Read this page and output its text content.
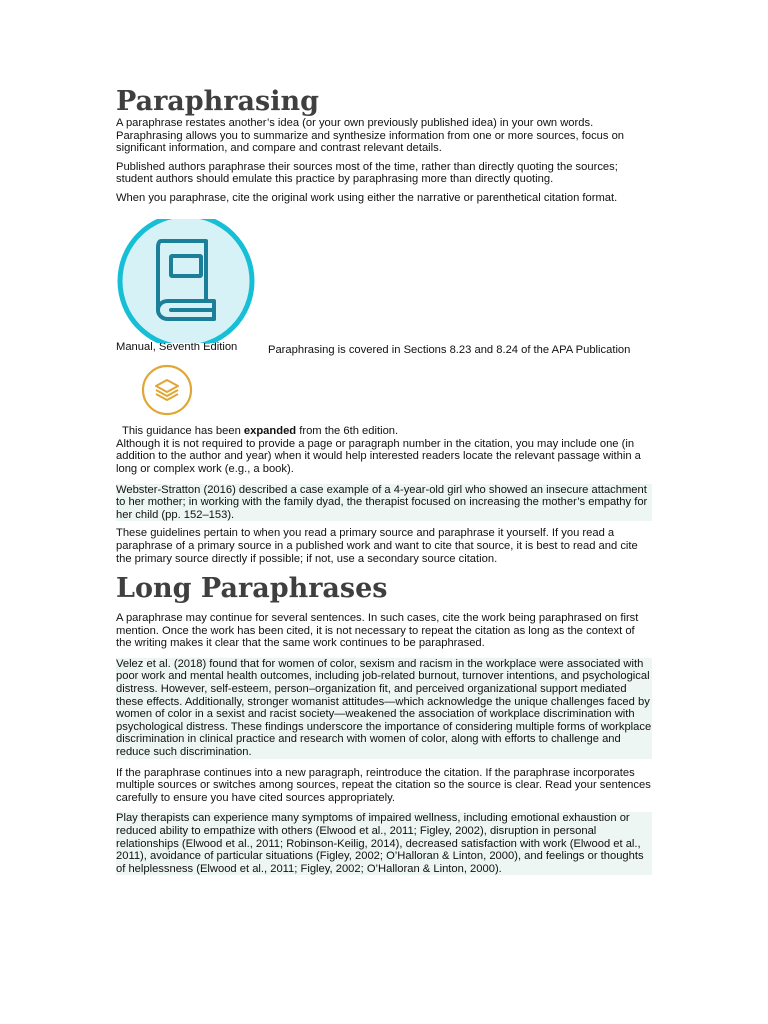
Paraphrasing

A paraphrase restates another’s idea (or your own previously published idea) in your own words. Paraphrasing allows you to summarize and synthesize information from one or more sources, focus on significant information, and compare and contrast relevant details.

Published authors paraphrase their sources most of the time, rather than directly quoting the sources; student authors should emulate this practice by paraphrasing more than directly quoting.

When you paraphrase, cite the original work using either the narrative or parenthetical citation format.

Paraphrasing is covered in Sections 8.23 and 8.24 of the APA Publication

Manual, Seventh Edition

This guidance has been expanded from the 6th edition.

Although it is not required to provide a page or paragraph number in the citation, you may include one (in addition to the author and year) when it would help interested readers locate the relevant passage within a long or complex work (e.g., a book).

Webster-Stratton (2016) described a case example of a 4-year-old girl who showed an insecure attachment to her mother; in working with the family dyad, the therapist focused on increasing the mother’s empathy for her child (pp. 152–153).

These guidelines pertain to when you read a primary source and paraphrase it yourself. If you read a paraphrase of a primary source in a published work and want to cite that source, it is best to read and cite the primary source directly if possible; if not, use a secondary source citation.

Long Paraphrases

A paraphrase may continue for several sentences. In such cases, cite the work being paraphrased on first mention. Once the work has been cited, it is not necessary to repeat the citation as long as the context of the writing makes it clear that the same work continues to be paraphrased.

Velez et al. (2018) found that for women of color, sexism and racism in the workplace were associated with poor work and mental health outcomes, including job-related burnout, turnover intentions, and psychological distress. However, self-esteem, person–organization fit, and perceived organizational support mediated these effects. Additionally, stronger womanist attitudes—which acknowledge the unique challenges faced by women of color in a sexist and racist society—weakened the association of workplace discrimination with psychological distress. These findings underscore the importance of considering multiple forms of workplace discrimination in clinical practice and research with women of color, along with efforts to challenge and reduce such discrimination.

If the paraphrase continues into a new paragraph, reintroduce the citation. If the paraphrase incorporates multiple sources or switches among sources, repeat the citation so the source is clear. Read your sentences carefully to ensure you have cited sources appropriately.

Play therapists can experience many symptoms of impaired wellness, including emotional exhaustion or reduced ability to empathize with others (Elwood et al., 2011; Figley, 2002), disruption in personal relationships (Elwood et al., 2011; Robinson-Keilig, 2014), decreased satisfaction with work (Elwood et al., 2011), avoidance of particular situations (Figley, 2002; O’Halloran & Linton, 2000), and feelings or thoughts of helplessness (Elwood et al., 2011; Figley, 2002; O’Halloran & Linton, 2000).
